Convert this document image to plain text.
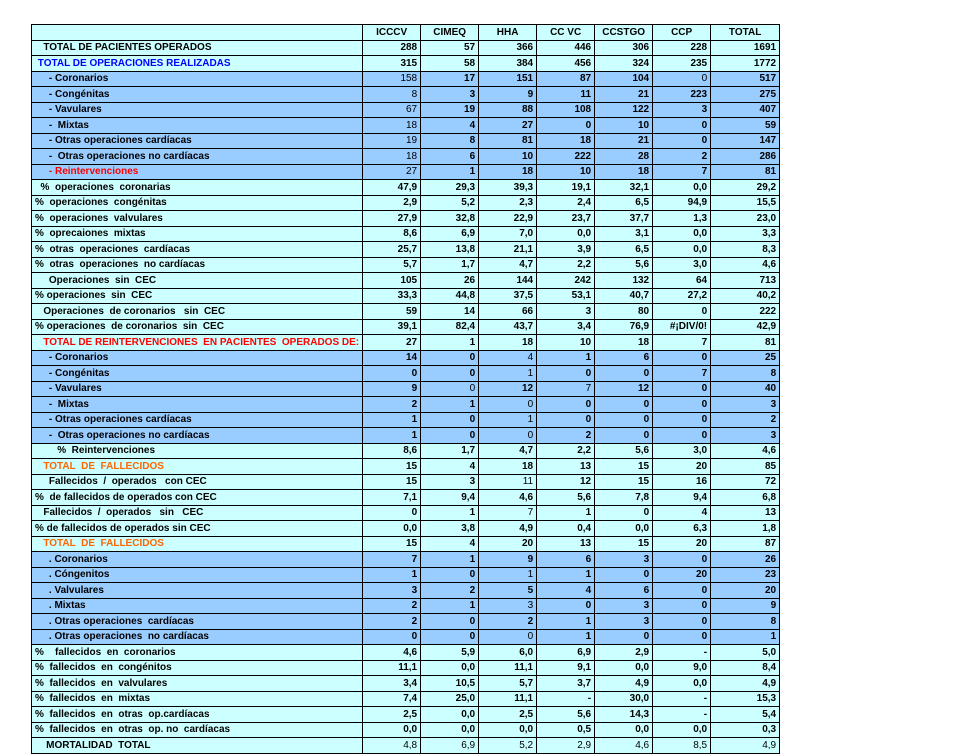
	ICCCV	CIMEQ	HHA	CC VC	CCSTGO	CCP	TOTAL
TOTAL DE PACIENTES OPERADOS	288	57	366	446	306	228	1691
TOTAL DE OPERACIONES REALIZADAS	315	58	384	456	324	235	1772
- Coronarios	158	17	151	87	104	0	517
- Congénitas	8	3	9	11	21	223	275
- Vavulares	67	19	88	108	122	3	407
-  Mixtas	18	4	27	0	10	0	59
- Otras operaciones cardíacas	19	8	81	18	21	0	147
-  Otras operaciones no cardíacas	18	6	10	222	28	2	286
- Reintervenciones	27	1	18	10	18	7	81
%  operaciones  coronarias	47,9	29,3	39,3	19,1	32,1	0,0	29,2
%  operaciones  congénitas	2,9	5,2	2,3	2,4	6,5	94,9	15,5
%  operaciones  valvulares	27,9	32,8	22,9	23,7	37,7	1,3	23,0
%  oprecaiones  mixtas	8,6	6,9	7,0	0,0	3,1	0,0	3,3
%  otras  operaciones  cardíacas	25,7	13,8	21,1	3,9	6,5	0,0	8,3
%  otras  operaciones  no cardíacas	5,7	1,7	4,7	2,2	5,6	3,0	4,6
Operaciones  sin  CEC	105	26	144	242	132	64	713
% operaciones  sin  CEC	33,3	44,8	37,5	53,1	40,7	27,2	40,2
Operaciones  de coronarios   sin  CEC	59	14	66	3	80	0	222
% operaciones  de coronarios  sin  CEC	39,1	82,4	43,7	3,4	76,9	#¡DIV/0!	42,9
TOTAL DE REINTERVENCIONES  EN PACIENTES  OPERADOS DE:	27	1	18	10	18	7	81
- Coronarios	14	0	4	1	6	0	25
- Congénitas	0	0	1	0	0	7	8
- Vavulares	9	0	12	7	12	0	40
-  Mixtas	2	1	0	0	0	0	3
- Otras operaciones cardíacas	1	0	1	0	0	0	2
-  Otras operaciones no cardíacas	1	0	0	2	0	0	3
%  Reintervenciones	8,6	1,7	4,7	2,2	5,6	3,0	4,6
TOTAL  DE  FALLECIDOS	15	4	18	13	15	20	85
Fallecidos  /  operados   con CEC	15	3	11	12	15	16	72
%  de fallecidos de operados con CEC	7,1	9,4	4,6	5,6	7,8	9,4	6,8
Fallecidos  /  operados   sin   CEC	0	1	7	1	0	4	13
% de fallecidos de operados sin CEC	0,0	3,8	4,9	0,4	0,0	6,3	1,8
TOTAL  DE  FALLECIDOS	15	4	20	13	15	20	87
. Coronarios	7	1	9	6	3	0	26
. Cóngenitos	1	0	1	1	0	20	23
. Valvulares	3	2	5	4	6	0	20
. Mixtas	2	1	3	0	3	0	9
. Otras operaciones  cardíacas	2	0	2	1	3	0	8
. Otras operaciones  no cardíacas	0	0	0	1	0	0	1
%    fallecidos  en  coronarios	4,6	5,9	6,0	6,9	2,9	-	5,0
%  fallecidos  en  congénitos	11,1	0,0	11,1	9,1	0,0	9,0	8,4
%  fallecidos  en  valvulares	3,4	10,5	5,7	3,7	4,9	0,0	4,9
%  fallecidos  en  mixtas	7,4	25,0	11,1	-	30,0	-	15,3
%  fallecidos  en  otras  op.cardíacas	2,5	0,0	2,5	5,6	14,3	-	5,4
%  fallecidos  en  otras  op. no  cardíacas	0,0	0,0	0,0	0,5	0,0	0,0	0,3
MORTALIDAD  TOTAL	4,8	6,9	5,2	2,9	4,6	8,5	4,9
